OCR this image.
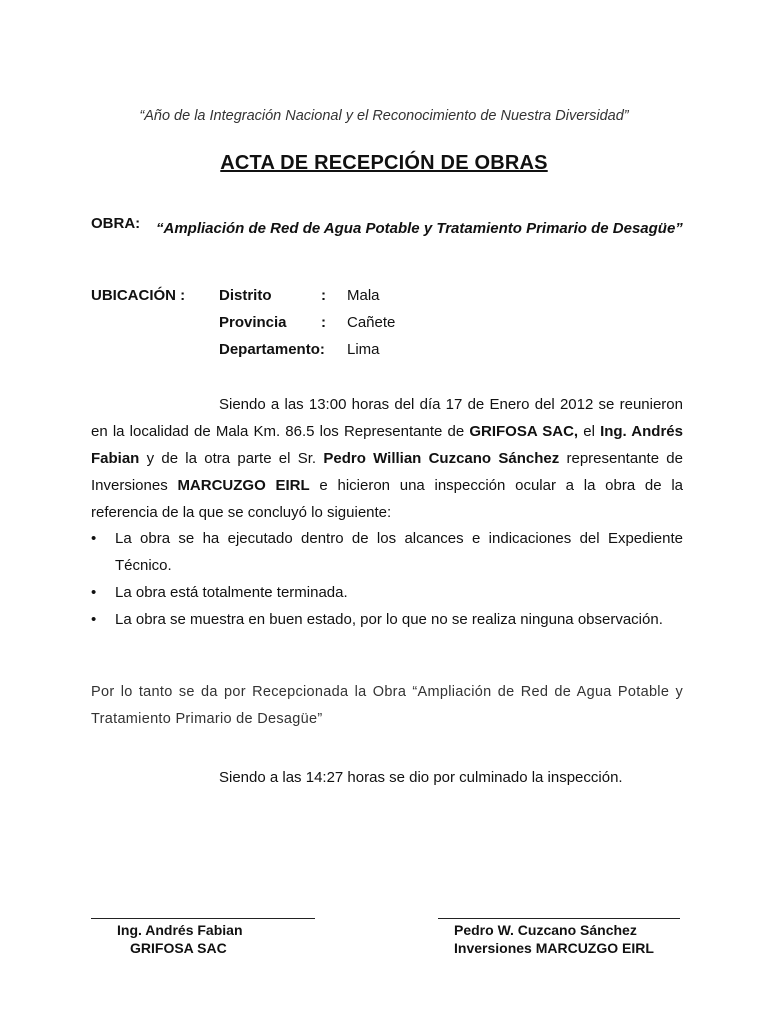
“Año de la Integración Nacional y el Reconocimiento de Nuestra Diversidad”
ACTA DE RECEPCIÓN DE OBRAS
OBRA: “Ampliación de Red de Agua Potable y Tratamiento Primario de Desagüe”
UBICACIÓN : Distrito	: Mala
Provincia : Cañete
Departamento: Lima
Siendo a las 13:00 horas del día 17 de Enero del 2012 se reunieron en la localidad de Mala Km. 86.5 los Representante de GRIFOSA SAC, el Ing. Andrés Fabian y de la otra parte el Sr. Pedro Willian Cuzcano Sánchez representante de Inversiones MARCUZGO EIRL e hicieron una inspección ocular a la obra de la referencia de la que se concluyó lo siguiente:
• La obra se ha ejecutado dentro de los alcances e indicaciones del Expediente Técnico.
• La obra está totalmente terminada.
• La obra se muestra en buen estado, por lo que no se realiza ninguna observación.
Por lo tanto se da por Recepcionada la Obra “Ampliación de Red de Agua Potable y Tratamiento Primario de Desagüe”
Siendo a las 14:27 horas se dio por culminado la inspección.
Ing. Andrés Fabian
GRIFOSA SAC
Pedro W. Cuzcano Sánchez
Inversiones MARCUZGO EIRL
